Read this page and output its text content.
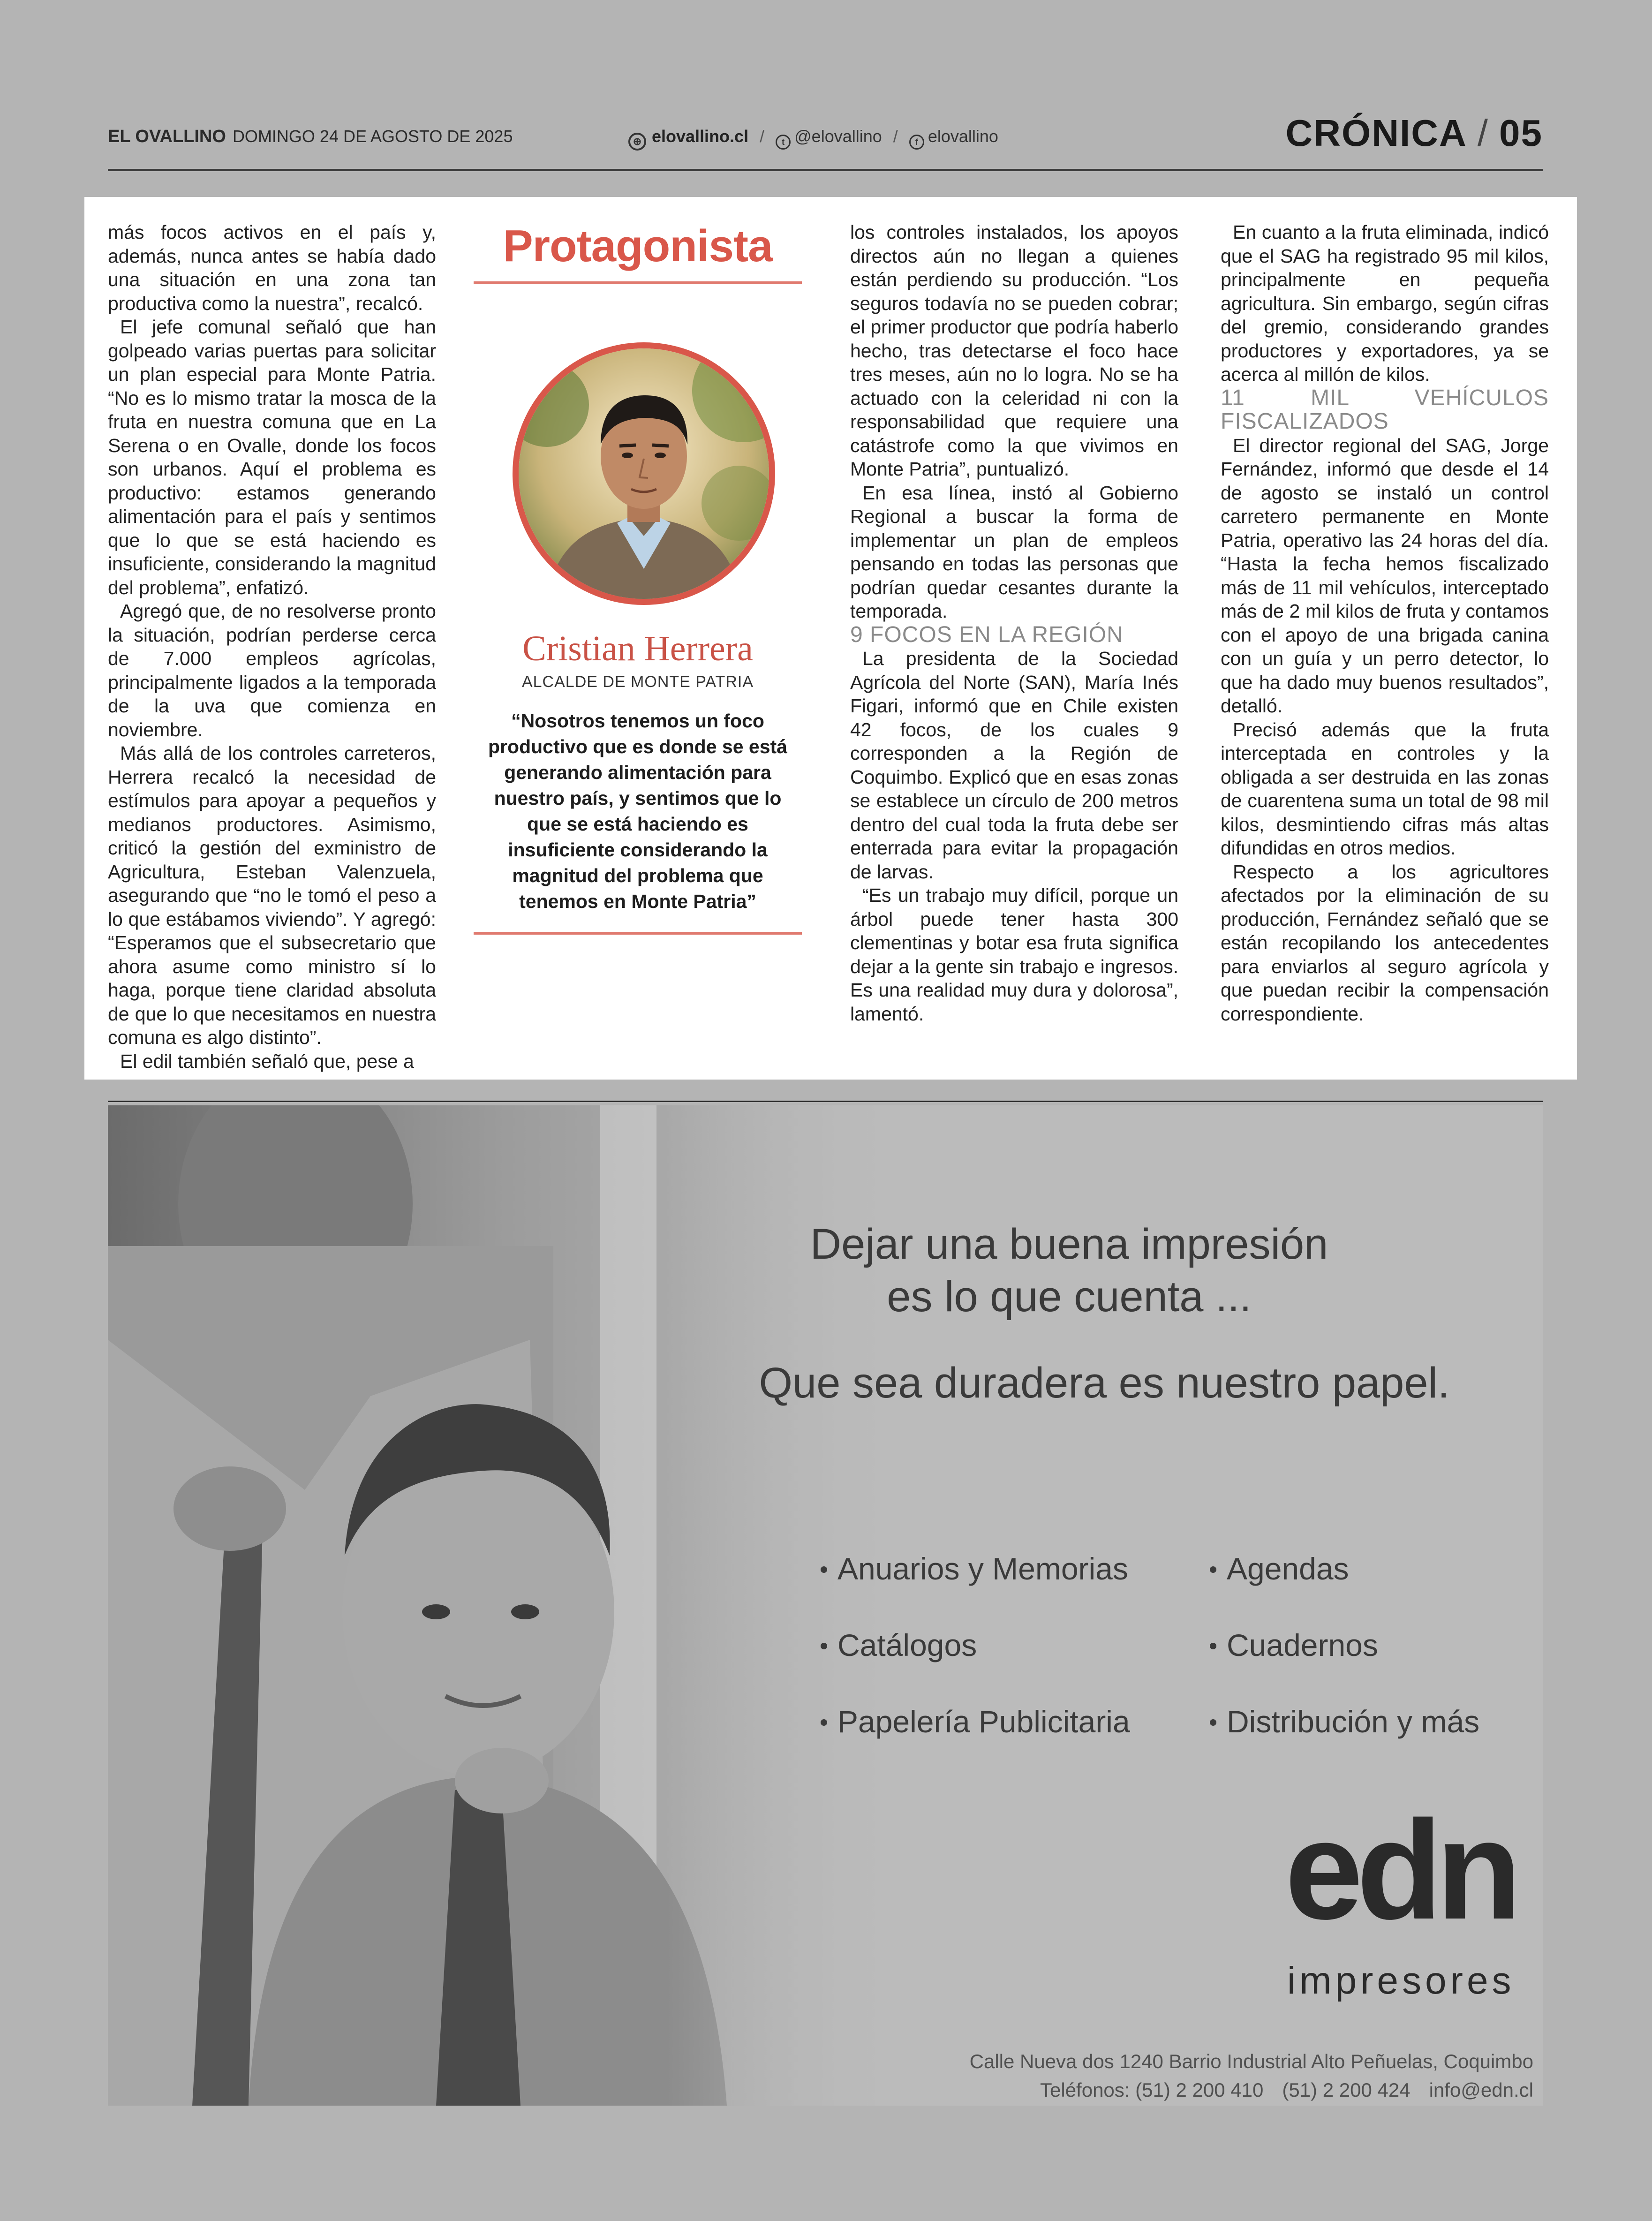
EL OVALLINO DOMINGO 24 DE AGOSTO DE 2025	⊕ elovallino.cl / t @elovallino / f elovallino	CRÓNICA / 05

más focos activos en el país y, además, nunca antes se había dado una situación en una zona tan productiva como la nuestra”, recalcó.

El jefe comunal señaló que han golpeado varias puertas para solicitar un plan especial para Monte Patria. “No es lo mismo tratar la mosca de la fruta en nuestra comuna que en La Serena o en Ovalle, donde los focos son urbanos. Aquí el problema es productivo: estamos generando alimentación para el país y sentimos que lo que se está haciendo es insuficiente, considerando la magnitud del problema”, enfatizó.

Agregó que, de no resolverse pronto la situación, podrían perderse cerca de 7.000 empleos agrícolas, principalmente ligados a la temporada de la uva que comienza en noviembre.

Más allá de los controles carreteros, Herrera recalcó la necesidad de estímulos para apoyar a pequeños y medianos productores. Asimismo, criticó la gestión del exministro de Agricultura, Esteban Valenzuela, asegurando que “no le tomó el peso a lo que estábamos viviendo”. Y agregó: “Esperamos que el subsecretario que ahora asume como ministro sí lo haga, porque tiene claridad absoluta de que lo que necesitamos en nuestra comuna es algo distinto”.

El edil también señaló que, pese a

Protagonista
Cristian Herrera
ALCALDE DE MONTE PATRIA
“Nosotros tenemos un foco productivo que es donde se está generando alimentación para nuestro país, y sentimos que lo que se está haciendo es insuficiente considerando la magnitud del problema que tenemos en Monte Patria”

los controles instalados, los apoyos directos aún no llegan a quienes están perdiendo su producción. “Los seguros todavía no se pueden cobrar; el primer productor que podría haberlo hecho, tras detectarse el foco hace tres meses, aún no lo logra. No se ha actuado con la celeridad ni con la responsabilidad que requiere una catástrofe como la que vivimos en Monte Patria”, puntualizó.

En esa línea, instó al Gobierno Regional a buscar la forma de implementar un plan de empleos pensando en todas las personas que podrían quedar cesantes durante la temporada.

9 FOCOS EN LA REGIÓN

La presidenta de la Sociedad Agrícola del Norte (SAN), María Inés Figari, informó que en Chile existen 42 focos, de los cuales 9 corresponden a la Región de Coquimbo. Explicó que en esas zonas se establece un círculo de 200 metros dentro del cual toda la fruta debe ser enterrada para evitar la propagación de larvas.

“Es un trabajo muy difícil, porque un árbol puede tener hasta 300 clementinas y botar esa fruta significa dejar a la gente sin trabajo e ingresos. Es una realidad muy dura y dolorosa”, lamentó.

En cuanto a la fruta eliminada, indicó que el SAG ha registrado 95 mil kilos, principalmente en pequeña agricultura. Sin embargo, según cifras del gremio, considerando grandes productores y exportadores, ya se acerca al millón de kilos.

11 MIL VEHÍCULOS FISCALIZADOS

El director regional del SAG, Jorge Fernández, informó que desde el 14 de agosto se instaló un control carretero permanente en Monte Patria, operativo las 24 horas del día. “Hasta la fecha hemos fiscalizado más de 11 mil vehículos, interceptado más de 2 mil kilos de fruta y contamos con el apoyo de una brigada canina con un guía y un perro detector, lo que ha dado muy buenos resultados”, detalló.

Precisó además que la fruta interceptada en controles y la obligada a ser destruida en las zonas de cuarentena suma un total de 98 mil kilos, desmintiendo cifras más altas difundidas en otros medios.

Respecto a los agricultores afectados por la eliminación de su producción, Fernández señaló que se están recopilando los antecedentes para enviarlos al seguro agrícola y que puedan recibir la compensación correspondiente.

Dejar una buena impresión
es lo que cuenta ...
Que sea duradera es nuestro papel.
Anuarios y Memorias
Catálogos
Papelería Publicitaria
Agendas
Cuadernos
Distribución y más
edn
impresores
Calle Nueva dos 1240 Barrio Industrial Alto Peñuelas, Coquimbo
Teléfonos: (51) 2 200 410 (51) 2 200 424 info@edn.cl
